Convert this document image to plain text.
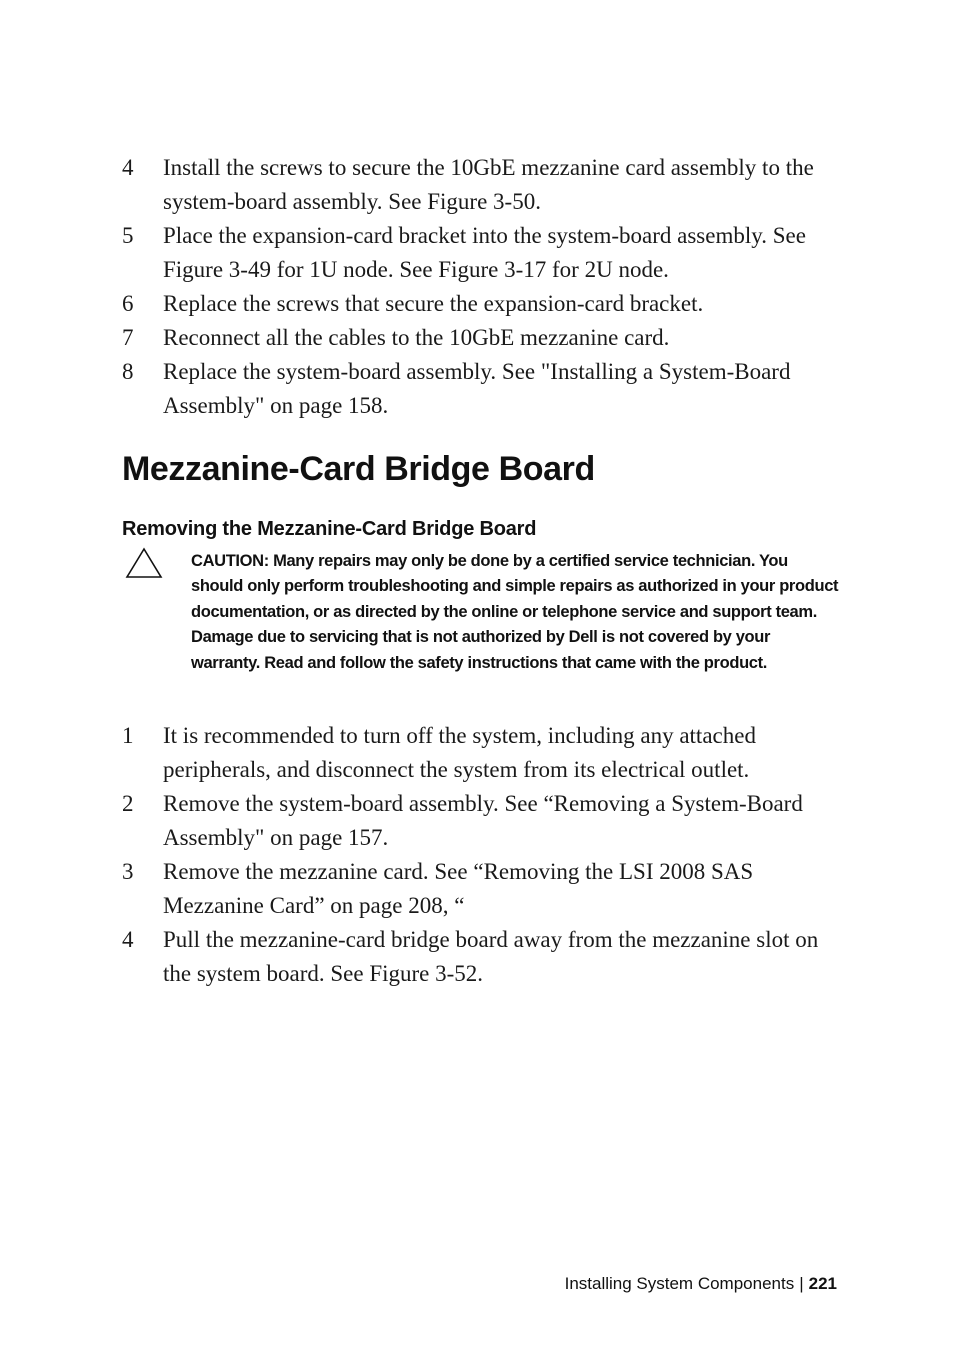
4 Install the screws to secure the 10GbE mezzanine card assembly to the system-board assembly. See Figure 3-50.
5 Place the expansion-card bracket into the system-board assembly. See Figure 3-49 for 1U node. See Figure 3-17 for 2U node.
6 Replace the screws that secure the expansion-card bracket.
7 Reconnect all the cables to the 10GbE mezzanine card.
8 Replace the system-board assembly. See "Installing a System-Board Assembly" on page 158.
Mezzanine-Card Bridge Board
Removing the Mezzanine-Card Bridge Board

CAUTION: Many repairs may only be done by a certified service technician. You should only perform troubleshooting and simple repairs as authorized in your product documentation, or as directed by the online or telephone service and support team. Damage due to servicing that is not authorized by Dell is not covered by your warranty. Read and follow the safety instructions that came with the product.

1 It is recommended to turn off the system, including any attached peripherals, and disconnect the system from its electrical outlet.
2 Remove the system-board assembly. See “Removing a System-Board Assembly" on page 157.
3 Remove the mezzanine card. See “Removing the LSI 2008 SAS Mezzanine Card” on page 208, “
4 Pull the mezzanine-card bridge board away from the mezzanine slot on the system board. See Figure 3-52.
Installing System Components | 221
